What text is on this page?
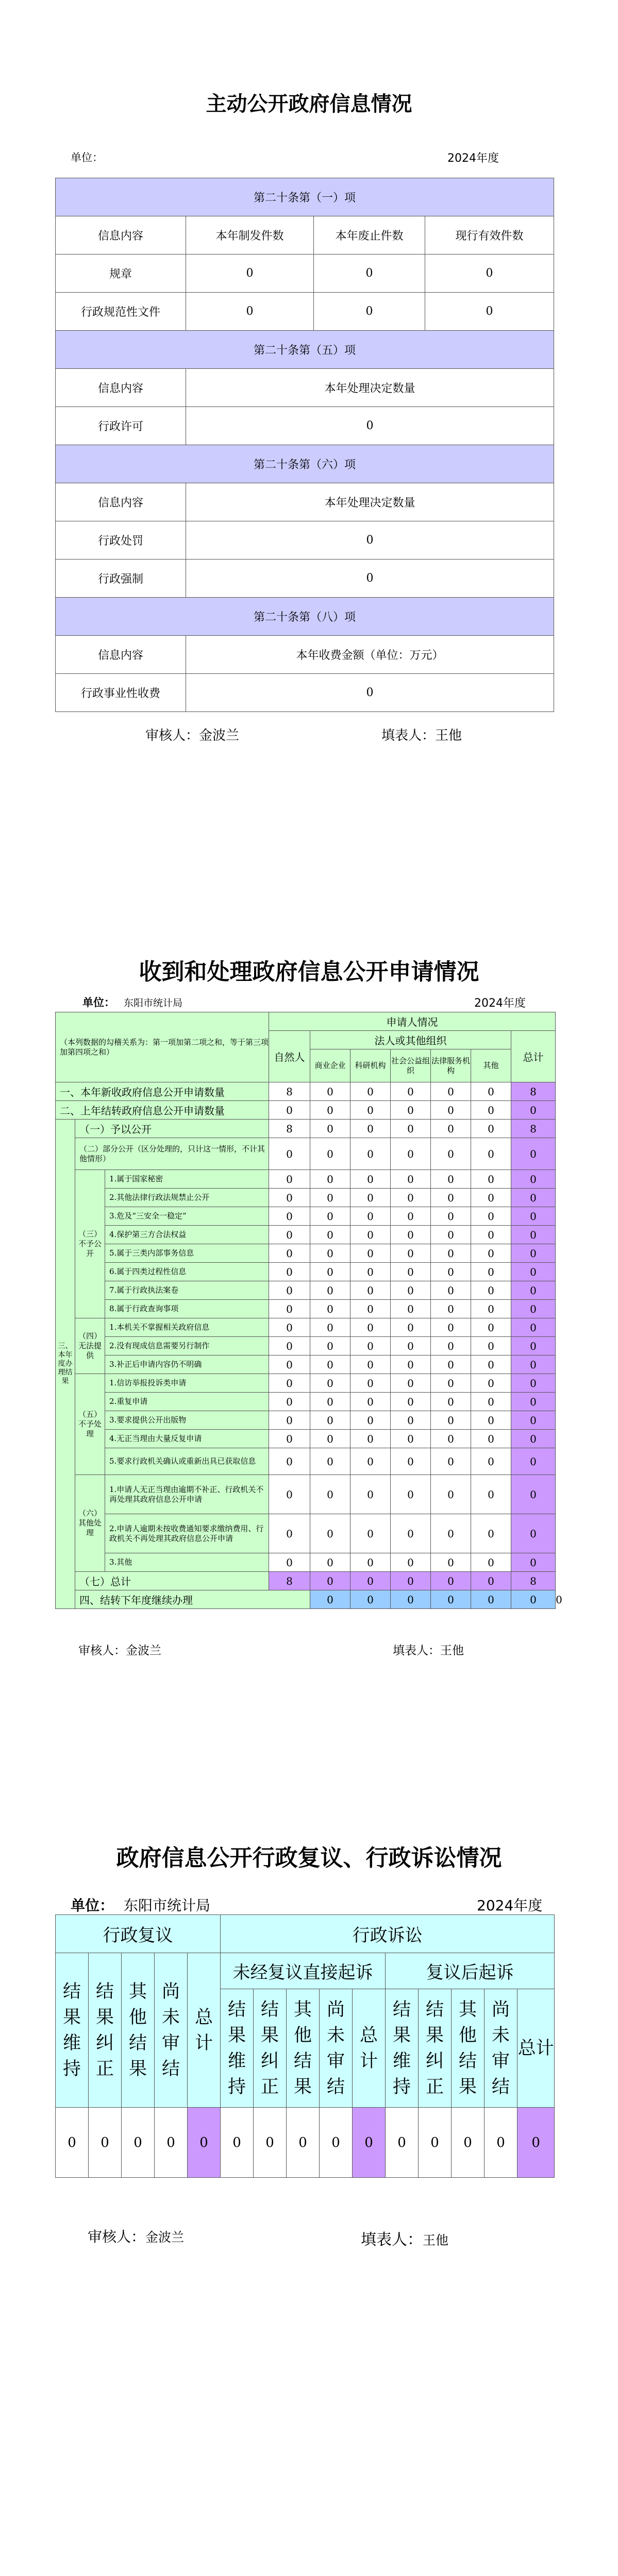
主动公开政府信息情况
单位：	2024年度
第二十条第（一）项			
信息内容	本年制发件数	本年废止件数	现行有效件数
规章	0	0	0
行政规范性文件	0	0	0
第二十条第（五）项			
信息内容	本年处理决定数量		
行政许可	0		
第二十条第（六）项			
信息内容	本年处理决定数量		
行政处罚	0		
行政强制	0		
第二十条第（八）项			
信息内容	本年收费金额（单位：万元）		
行政事业性收费	0		
审核人：金波兰	填表人：王他
收到和处理政府信息公开申请情况
单位： 东阳市统计局	2024年度
（本列数据的勾稽关系为：第一项加第二项之和，等于第三项加第四项之和）			申请人情况							
			自然人	法人或其他组织					总计	
				商业企业	科研机构	社会公益组织	法律服务机构	其他		
一、本年新收政府信息公开申请数量			8	0	0	0	0	0	8	
二、上年结转政府信息公开申请数量			0	0	0	0	0	0	0	
三、本年度办理结果	（一）予以公开		8	0	0	0	0	0	8	
	（二）部分公开（区分处理的，只计这一情形，不计其他情形）		0	0	0	0	0	0	0	
	（三）不予公开	1.属于国家秘密	0	0	0	0	0	0	0	
		2.其他法律行政法规禁止公开	0	0	0	0	0	0	0	
		3.危及“三安全一稳定”	0	0	0	0	0	0	0	
		4.保护第三方合法权益	0	0	0	0	0	0	0	
		5.属于三类内部事务信息	0	0	0	0	0	0	0	
		6.属于四类过程性信息	0	0	0	0	0	0	0	
		7.属于行政执法案卷	0	0	0	0	0	0	0	
		8.属于行政查询事项	0	0	0	0	0	0	0	
	（四）无法提供	1.本机关不掌握相关政府信息	0	0	0	0	0	0	0	
		2.没有现成信息需要另行制作	0	0	0	0	0	0	0	
		3.补正后申请内容仍不明确	0	0	0	0	0	0	0	
	（五）不予处理	1.信访举报投诉类申请	0	0	0	0	0	0	0	
		2.重复申请	0	0	0	0	0	0	0	
		3.要求提供公开出版物	0	0	0	0	0	0	0	
		4.无正当理由大量反复申请	0	0	0	0	0	0	0	
		5.要求行政机关确认或重新出具已获取信息	0	0	0	0	0	0	0	
	（六）其他处理	1.申请人无正当理由逾期不补正、行政机关不再处理其政府信息公开申请	0	0	0	0	0	0	0	
		2.申请人逾期未按收费通知要求缴纳费用、行政机关不再处理其政府信息公开申请	0	0	0	0	0	0	0	
		3.其他	0	0	0	0	0	0	0	
	（七）总计		8	0	0	0	0	0	8	
	四、结转下年度继续办理			0	0	0	0	0	0	0
审核人：金波兰	填表人：王他
政府信息公开行政复议、行政诉讼情况
单位： 东阳市统计局	2024年度
行政复议					行政诉讼									
结果维持	结果纠正	其他结果	尚未审结	总计	未经复议直接起诉					复议后起诉				
					结果维持	结果纠正	其他结果	尚未审结	总计	结果维持	结果纠正	其他结果	尚未审结	总计
0	0	0	0	0	0	0	0	0	0	0	0	0	0	0
审核人：金波兰	填表人：王他
